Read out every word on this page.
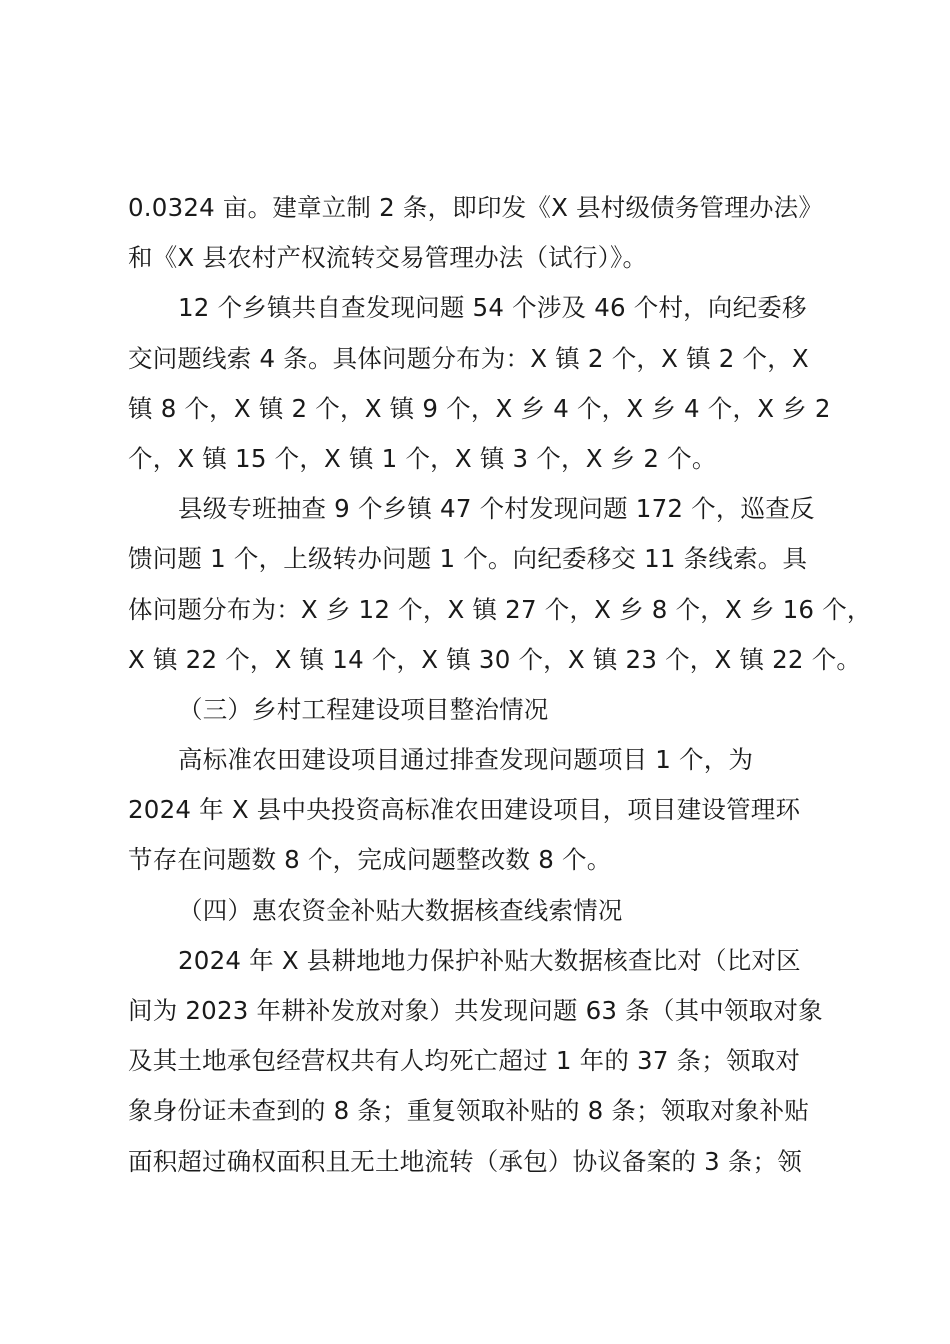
0.0324 亩。建章立制 2 条，即印发《X 县村级债务管理办法》
和《X 县农村产权流转交易管理办法（试行）》。
12 个乡镇共自查发现问题 54 个涉及 46 个村，向纪委移
交问题线索 4 条。具体问题分布为：X 镇 2 个，X 镇 2 个，X
镇 8 个，X 镇 2 个，X 镇 9 个，X 乡 4 个，X 乡 4 个，X 乡 2
个，X 镇 15 个，X 镇 1 个，X 镇 3 个，X 乡 2 个。
县级专班抽查 9 个乡镇 47 个村发现问题 172 个，巡查反
馈问题 1 个，上级转办问题 1 个。向纪委移交 11 条线索。具
体问题分布为：X 乡 12 个，X 镇 27 个，X 乡 8 个，X 乡 16 个，
X 镇 22 个，X 镇 14 个，X 镇 30 个，X 镇 23 个，X 镇 22 个。
（三）乡村工程建设项目整治情况
高标准农田建设项目通过排查发现问题项目 1 个，为
2024 年 X 县中央投资高标准农田建设项目，项目建设管理环
节存在问题数 8 个，完成问题整改数 8 个。
（四）惠农资金补贴大数据核查线索情况
2024 年 X 县耕地地力保护补贴大数据核查比对（比对区
间为 2023 年耕补发放对象）共发现问题 63 条（其中领取对象
及其土地承包经营权共有人均死亡超过 1 年的 37 条；领取对
象身份证未查到的 8 条；重复领取补贴的 8 条；领取对象补贴
面积超过确权面积且无土地流转（承包）协议备案的 3 条；领
